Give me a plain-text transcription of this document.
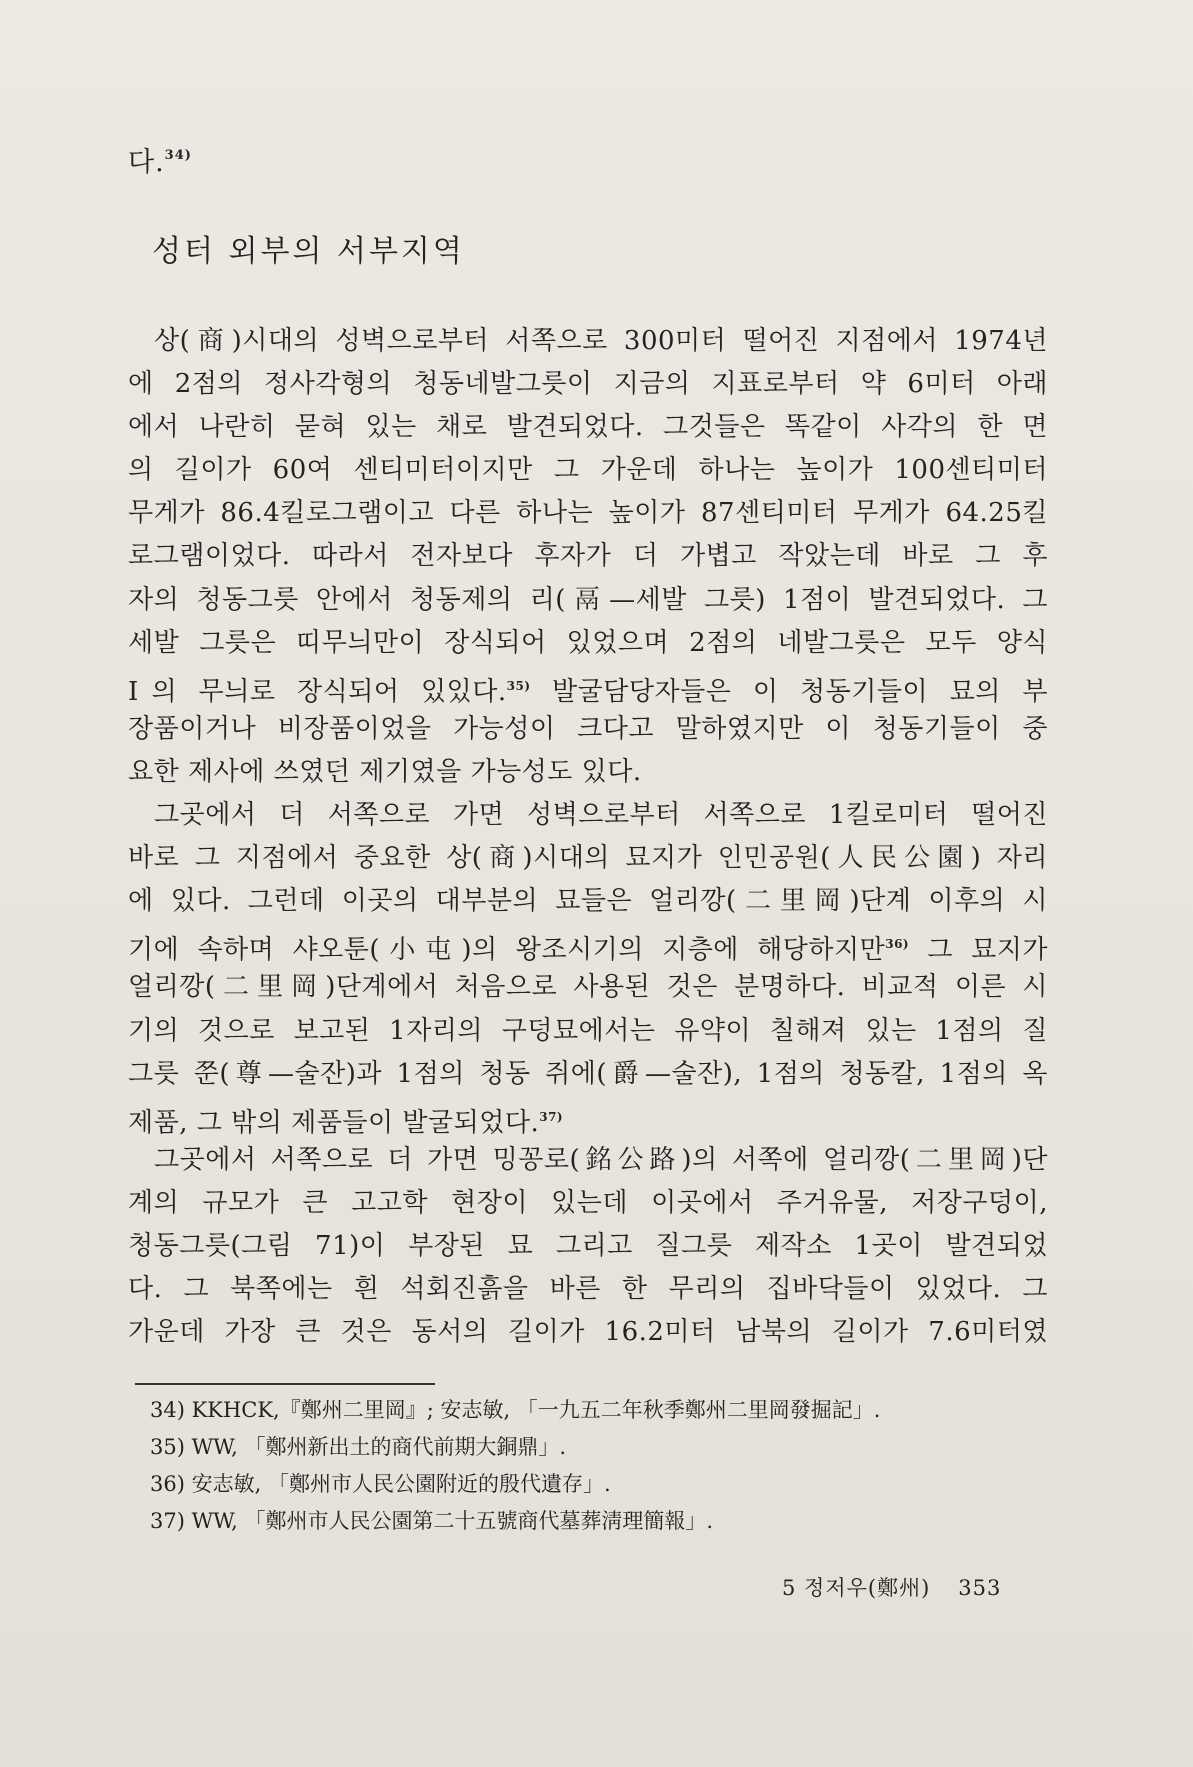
다.$^{34)}$
성터 외부의 서부지역
상(商)시대의 성벽으로부터 서쪽으로 300미터 떨어진 지점에서 1974년
에 2점의 정사각형의 청동네발그릇이 지금의 지표로부터 약 6미터 아래
에서 나란히 묻혀 있는 채로 발견되었다. 그것들은 똑같이 사각의 한 면
의 길이가 60여 센티미터이지만 그 가운데 하나는 높이가 100센티미터
무게가 86.4킬로그램이고 다른 하나는 높이가 87센티미터 무게가 64.25킬
로그램이었다. 따라서 전자보다 후자가 더 가볍고 작았는데 바로 그 후
자의 청동그릇 안에서 청동제의 리(鬲—세발 그릇) 1점이 발견되었다. 그
세발 그릇은 띠무늬만이 장식되어 있었으며 2점의 네발그릇은 모두 양식
Ⅰ의 무늬로 장식되어 있있다.$^{35)}$ 발굴담당자들은 이 청동기들이 묘의 부
장품이거나 비장품이었을 가능성이 크다고 말하였지만 이 청동기들이 중
요한 제사에 쓰였던 제기였을 가능성도 있다.
그곳에서 더 서쪽으로 가면 성벽으로부터 서쪽으로 1킬로미터 떨어진
바로 그 지점에서 중요한 상(商)시대의 묘지가 인민공원(人民公園) 자리
에 있다. 그런데 이곳의 대부분의 묘들은 얼리깡(二里岡)단계 이후의 시
기에 속하며 샤오툰(小屯)의 왕조시기의 지층에 해당하지만$^{36)}$ 그 묘지가
얼리깡(二里岡)단계에서 처음으로 사용된 것은 분명하다. 비교적 이른 시
기의 것으로 보고된 1자리의 구덩묘에서는 유약이 칠해져 있는 1점의 질
그릇 쭌(尊—술잔)과 1점의 청동 쥐에(爵—술잔), 1점의 청동칼, 1점의 옥
제품, 그 밖의 제품들이 발굴되었다.$^{37)}$
그곳에서 서쪽으로 더 가면 밍꽁로(銘公路)의 서쪽에 얼리깡(二里岡)단
계의 규모가 큰 고고학 현장이 있는데 이곳에서 주거유물, 저장구덩이,
청동그릇(그림 71)이 부장된 묘 그리고 질그릇 제작소 1곳이 발견되었
다. 그 북쪽에는 흰 석회진흙을 바른 한 무리의 집바닥들이 있었다. 그
가운데 가장 큰 것은 동서의 길이가 16.2미터 남북의 길이가 7.6미터였
34) KKHCK,『鄭州二里岡』; 安志敏, 「一九五二年秋季鄭州二里岡發掘記」.
35) WW, 「鄭州新出土的商代前期大銅鼎」.
36) 安志敏, 「鄭州市人民公園附近的殷代遺存」.
37) WW, 「鄭州市人民公園第二十五號商代墓葬淸理簡報」.
5 정저우(鄭州) 353
